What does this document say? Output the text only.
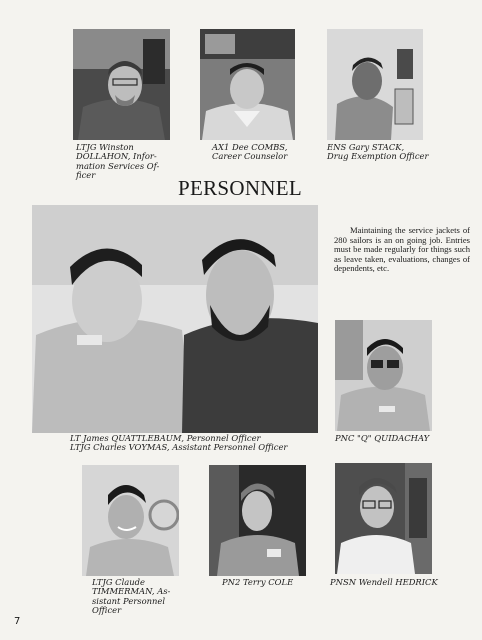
LTJG Winston
DOLLAHON, Infor-
mation Services Of-
ficer
AX1 Dee COMBS,
Career Counselor
ENS Gary STACK,
Drug Exemption Officer
PERSONNEL
LT James QUATTLEBAUM, Personnel Officer
LTJG Charles VOYMAS, Assistant Personnel Officer
Maintaining the service jackets of 280 sailors is an on going job. Entries must be made regularly for things such as leave taken, evaluations, changes of dependents, etc.
PNC "Q" QUIDACHAY
LTJG Claude
TIMMERMAN, As-
sistant Personnel
Officer
PN2 Terry COLE	PNSN Wendell HEDRICK
7
